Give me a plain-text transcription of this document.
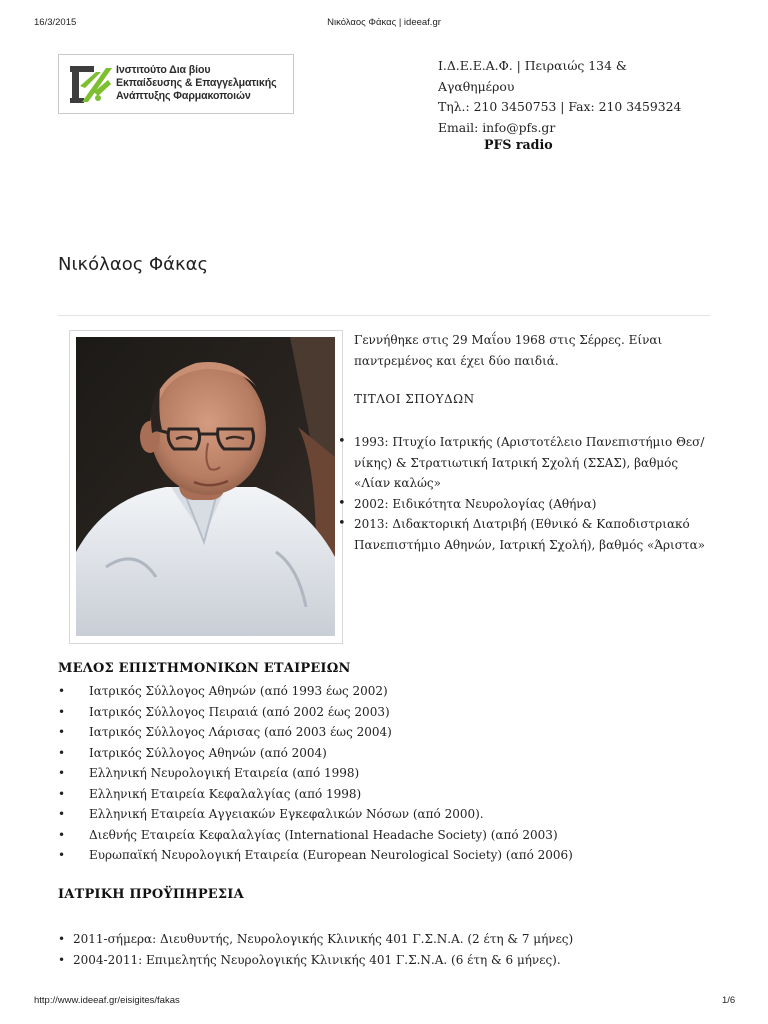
16/3/2015	Νικόλαος Φάκας | ideeaf.gr
Ινστιτούτο Δια βίου
Εκπαίδευσης & Επαγγελματικής
Ανάπτυξης Φαρμακοποιών
Ι.Δ.Ε.Ε.Α.Φ. | Πειραιώς 134 &
Αγαθημέρου
Τηλ.: 210 3450753 | Fax: 210 3459324
Email: info@pfs.gr
PFS radio
Νικόλαος Φάκας

Γεννήθηκε στις 29 Μαΐου 1968 στις Σέρρες. Είναι παντρεμένος και έχει δύο παιδιά.

ΤΙΤΛΟΙ ΣΠΟΥΔΩΝ

• 1993: Πτυχίο Ιατρικής (Αριστοτέλειο Πανεπιστήμιο Θεσ/νίκης) & Στρατιωτική Ιατρική Σχολή (ΣΣΑΣ), βαθμός «Λίαν καλώς»
• 2002: Ειδικότητα Νευρολογίας (Αθήνα)
• 2013: Διδακτορική Διατριβή (Εθνικό & Καποδιστριακό Πανεπιστήμιο Αθηνών, Ιατρική Σχολή), βαθμός «Άριστα»
ΜΕΛΟΣ ΕΠΙΣΤΗΜΟΝΙΚΩΝ ΕΤΑΙΡΕΙΩΝ
• Ιατρικός Σύλλογος Αθηνών (από 1993 έως 2002)
• Ιατρικός Σύλλογος Πειραιά (από 2002 έως 2003)
• Ιατρικός Σύλλογος Λάρισας (από 2003 έως 2004)
• Ιατρικός Σύλλογος Αθηνών (από 2004)
• Ελληνική Νευρολογική Εταιρεία (από 1998)
• Ελληνική Εταιρεία Κεφαλαλγίας (από 1998)
• Ελληνική Εταιρεία Αγγειακών Εγκεφαλικών Νόσων (από 2000).
• Διεθνής Εταιρεία Κεφαλαλγίας (International Headache Society) (από 2003)
• Ευρωπαϊκή Νευρολογική Εταιρεία (European Neurological Society) (από 2006)
ΙΑΤΡΙΚΗ ΠΡΟΫΠΗΡΕΣΙΑ
• 2011-σήμερα: Διευθυντής, Νευρολογικής Κλινικής 401 Γ.Σ.Ν.Α. (2 έτη & 7 μήνες)
• 2004-2011: Επιμελητής Νευρολογικής Κλινικής 401 Γ.Σ.Ν.Α. (6 έτη & 6 μήνες).
http://www.ideeaf.gr/eisigites/fakas	1/6
